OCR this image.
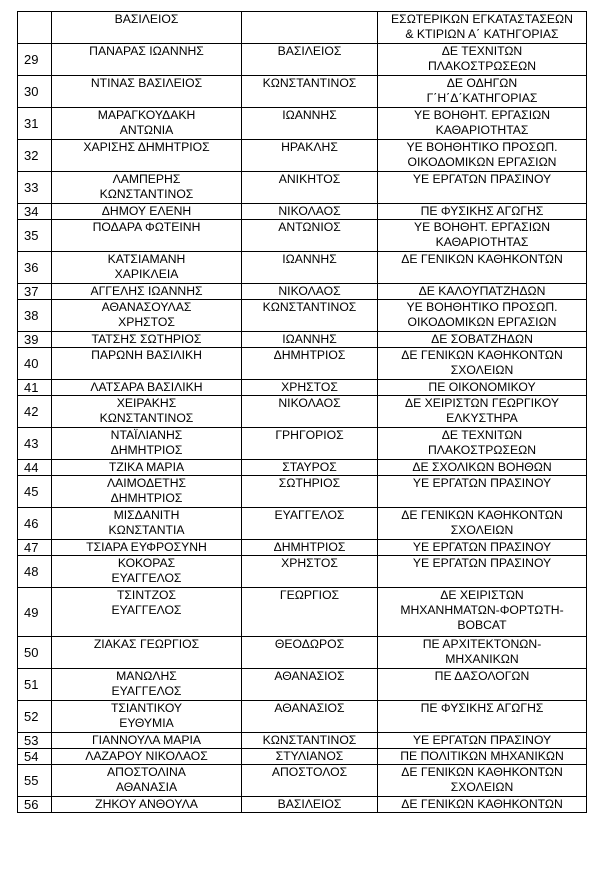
	ΒΑΣΙΛΕΙΟΣ		ΕΣΩΤΕΡΙΚΩΝ ΕΓΚΑΤΑΣΤΑΣΕΩΝ
& ΚΤΙΡΙΩΝ Α΄ ΚΑΤΗΓΟΡΙΑΣ
29	ΠΑΝΑΡΑΣ ΙΩΑΝΝΗΣ	ΒΑΣΙΛΕΙΟΣ	ΔΕ ΤΕΧΝΙΤΩΝ
ΠΛΑΚΟΣΤΡΩΣΕΩΝ
30	ΝΤΙΝΑΣ ΒΑΣΙΛΕΙΟΣ	ΚΩΝΣΤΑΝΤΙΝΟΣ	ΔΕ ΟΔΗΓΩΝ
Γ΄Η΄Δ΄ΚΑΤΗΓΟΡΙΑΣ
31	ΜΑΡΑΓΚΟΥΔΑΚΗ
ΑΝΤΩΝΙΑ	ΙΩΑΝΝΗΣ	ΥΕ ΒΟΗΘΗΤ. ΕΡΓΑΣΙΩΝ
ΚΑΘΑΡΙΟΤΗΤΑΣ
32	ΧΑΡΙΣΗΣ ΔΗΜΗΤΡΙΟΣ	ΗΡΑΚΛΗΣ	ΥΕ ΒΟΗΘΗΤΙΚΟ ΠΡΟΣΩΠ.
ΟΙΚΟΔΟΜΙΚΩΝ ΕΡΓΑΣΙΩΝ
33	ΛΑΜΠΕΡΗΣ
ΚΩΝΣΤΑΝΤΙΝΟΣ	ΑΝΙΚΗΤΟΣ	ΥΕ ΕΡΓΑΤΩΝ ΠΡΑΣΙΝΟΥ
34	ΔΗΜΟΥ ΕΛΕΝΗ	ΝΙΚΟΛΑΟΣ	ΠΕ ΦΥΣΙΚΗΣ ΑΓΩΓΗΣ
35	ΠΟΔΑΡΑ ΦΩΤΕΙΝΗ	ΑΝΤΩΝΙΟΣ	ΥΕ ΒΟΗΘΗΤ. ΕΡΓΑΣΙΩΝ
ΚΑΘΑΡΙΟΤΗΤΑΣ
36	ΚΑΤΣΙΑΜΑΝΗ
ΧΑΡΙΚΛΕΙΑ	ΙΩΑΝΝΗΣ	ΔΕ ΓΕΝΙΚΩΝ ΚΑΘΗΚΟΝΤΩΝ
37	ΑΓΓΕΛΗΣ ΙΩΑΝΝΗΣ	ΝΙΚΟΛΑΟΣ	ΔΕ ΚΑΛΟΥΠΑΤΖΗΔΩΝ
38	ΑΘΑΝΑΣΟΥΛΑΣ
ΧΡΗΣΤΟΣ	ΚΩΝΣΤΑΝΤΙΝΟΣ	ΥΕ ΒΟΗΘΗΤΙΚΟ ΠΡΟΣΩΠ.
ΟΙΚΟΔΟΜΙΚΩΝ ΕΡΓΑΣΙΩΝ
39	ΤΑΤΣΗΣ ΣΩΤΗΡΙΟΣ	ΙΩΑΝΝΗΣ	ΔΕ ΣΟΒΑΤΖΗΔΩΝ
40	ΠΑΡΩΝΗ ΒΑΣΙΛΙΚΗ	ΔΗΜΗΤΡΙΟΣ	ΔΕ ΓΕΝΙΚΩΝ ΚΑΘΗΚΟΝΤΩΝ
ΣΧΟΛΕΙΩΝ
41	ΛΑΤΣΑΡΑ ΒΑΣΙΛΙΚΗ	ΧΡΗΣΤΟΣ	ΠΕ ΟΙΚΟΝΟΜΙΚΟΥ
42	ΧΕΙΡΑΚΗΣ
ΚΩΝΣΤΑΝΤΙΝΟΣ	ΝΙΚΟΛΑΟΣ	ΔΕ ΧΕΙΡΙΣΤΩΝ ΓΕΩΡΓΙΚΟΥ
ΕΛΚΥΣΤΗΡΑ
43	ΝΤΑΪΛΙΑΝΗΣ
ΔΗΜΗΤΡΙΟΣ	ΓΡΗΓΟΡΙΟΣ	ΔΕ ΤΕΧΝΙΤΩΝ
ΠΛΑΚΟΣΤΡΩΣΕΩΝ
44	ΤΖΙΚΑ ΜΑΡΙΑ	ΣΤΑΥΡΟΣ	ΔΕ ΣΧΟΛΙΚΩΝ ΒΟΗΘΩΝ
45	ΛΑΙΜΟΔΕΤΗΣ
ΔΗΜΗΤΡΙΟΣ	ΣΩΤΗΡΙΟΣ	ΥΕ ΕΡΓΑΤΩΝ ΠΡΑΣΙΝΟΥ
46	ΜΙΣΔΑΝΙΤΗ
ΚΩΝΣΤΑΝΤΙΑ	ΕΥΑΓΓΕΛΟΣ	ΔΕ ΓΕΝΙΚΩΝ ΚΑΘΗΚΟΝΤΩΝ
ΣΧΟΛΕΙΩΝ
47	ΤΣΙΑΡΑ ΕΥΦΡΟΣΥΝΗ	ΔΗΜΗΤΡΙΟΣ	ΥΕ ΕΡΓΑΤΩΝ ΠΡΑΣΙΝΟΥ
48	ΚΟΚΟΡΑΣ
ΕΥΑΓΓΕΛΟΣ	ΧΡΗΣΤΟΣ	ΥΕ ΕΡΓΑΤΩΝ ΠΡΑΣΙΝΟΥ
49	ΤΣΙΝΤΖΟΣ
ΕΥΑΓΓΕΛΟΣ	ΓΕΩΡΓΙΟΣ	ΔΕ ΧΕΙΡΙΣΤΩΝ
ΜΗΧΑΝΗΜΑΤΩΝ-ΦΟΡΤΩΤΗ-
BOBCAT
50	ΖΙΑΚΑΣ ΓΕΩΡΓΙΟΣ	ΘΕΟΔΩΡΟΣ	ΠΕ ΑΡΧΙΤΕΚΤΟΝΩΝ-
ΜΗΧΑΝΙΚΩΝ
51	ΜΑΝΩΛΗΣ
ΕΥΑΓΓΕΛΟΣ	ΑΘΑΝΑΣΙΟΣ	ΠΕ ΔΑΣΟΛΟΓΩΝ
52	ΤΣΙΑΝΤΙΚΟΥ
ΕΥΘΥΜΙΑ	ΑΘΑΝΑΣΙΟΣ	ΠΕ ΦΥΣΙΚΗΣ ΑΓΩΓΗΣ
53	ΓΙΑΝΝΟΥΛΑ ΜΑΡΙΑ	ΚΩΝΣΤΑΝΤΙΝΟΣ	ΥΕ ΕΡΓΑΤΩΝ ΠΡΑΣΙΝΟΥ
54	ΛΑΖΑΡΟΥ ΝΙΚΟΛΑΟΣ	ΣΤΥΛΙΑΝΟΣ	ΠΕ ΠΟΛΙΤΙΚΩΝ ΜΗΧΑΝΙΚΩΝ
55	ΑΠΟΣΤΟΛΙΝΑ
ΑΘΑΝΑΣΙΑ	ΑΠΟΣΤΟΛΟΣ	ΔΕ ΓΕΝΙΚΩΝ ΚΑΘΗΚΟΝΤΩΝ
ΣΧΟΛΕΙΩΝ
56	ΖΗΚΟΥ ΑΝΘΟΥΛΑ	ΒΑΣΙΛΕΙΟΣ	ΔΕ ΓΕΝΙΚΩΝ ΚΑΘΗΚΟΝΤΩΝ
